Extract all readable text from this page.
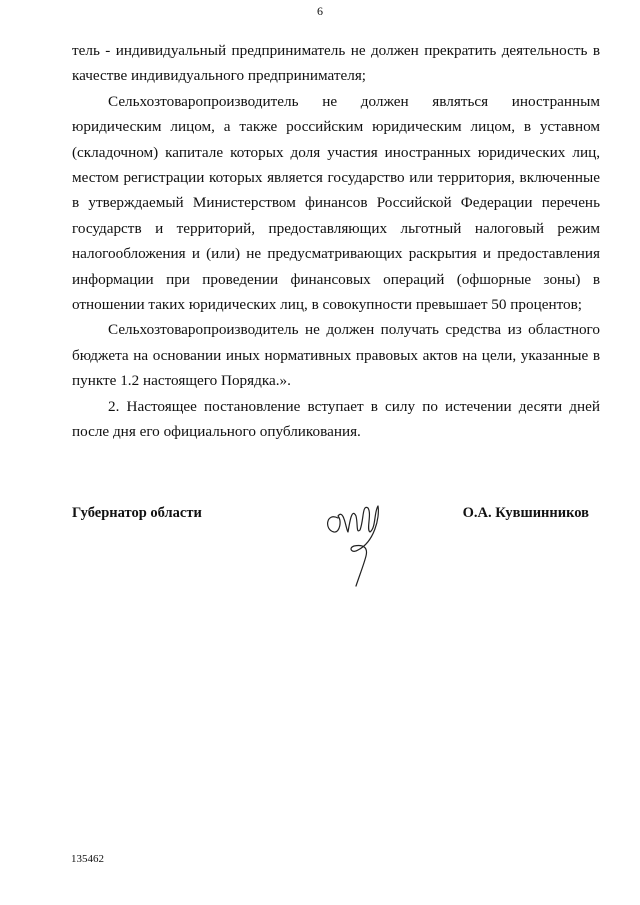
6

тель - индивидуальный предприниматель не должен прекратить деятельность в качестве индивидуального предпринимателя;

Сельхозтоваропроизводитель не должен являться иностранным юридическим лицом, а также российским юридическим лицом, в уставном (складочном) капитале которых доля участия иностранных юридических лиц, местом регистрации которых является государство или территория, включенные в утверждаемый Министерством финансов Российской Федерации перечень государств и территорий, предоставляющих льготный налоговый режим налогообложения и (или) не предусматривающих раскрытия и предоставления информации при проведении финансовых операций (офшорные зоны) в отношении таких юридических лиц, в совокупности превышает 50 процентов;

Сельхозтоваропроизводитель не должен получать средства из областного бюджета на основании иных нормативных правовых актов на цели, указанные в пункте 1.2 настоящего Порядка.».

2. Настоящее постановление вступает в силу по истечении десяти дней после дня его официального опубликования.

Губернатор области	О.А. Кувшинников
135462
